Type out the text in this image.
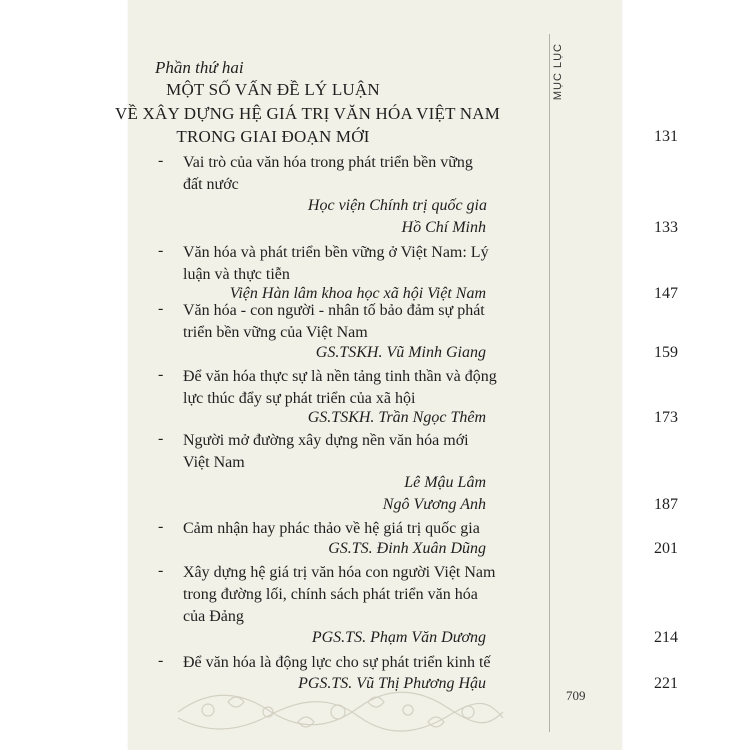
Phần thứ hai
MỘT SỐ VẤN ĐỀ LÝ LUẬN
VỀ XÂY DỰNG HỆ GIÁ TRỊ VĂN HÓA VIỆT NAM
TRONG GIAI ĐOẠN MỚI	131
- Vai trò của văn hóa trong phát triển bền vững
đất nước
Học viện Chính trị quốc gia
Hồ Chí Minh	133
- Văn hóa và phát triển bền vững ở Việt Nam: Lý
luận và thực tiễn
Viện Hàn lâm khoa học xã hội Việt Nam	147
- Văn hóa - con người - nhân tố bảo đảm sự phát
triển bền vững của Việt Nam
GS.TSKH. Vũ Minh Giang	159
- Để văn hóa thực sự là nền tảng tinh thần và động
lực thúc đẩy sự phát triển của xã hội
GS.TSKH. Trần Ngọc Thêm	173
- Người mở đường xây dựng nền văn hóa mới
Việt Nam
Lê Mậu Lâm
Ngô Vương Anh	187
- Cảm nhận hay phác thảo về hệ giá trị quốc gia
GS.TS. Đinh Xuân Dũng	201
- Xây dựng hệ giá trị văn hóa con người Việt Nam
trong đường lối, chính sách phát triển văn hóa
của Đảng
PGS.TS. Phạm Văn Dương	214
- Để văn hóa là động lực cho sự phát triển kinh tế
PGS.TS. Vũ Thị Phương Hậu	221
MỤC LỤC
709
